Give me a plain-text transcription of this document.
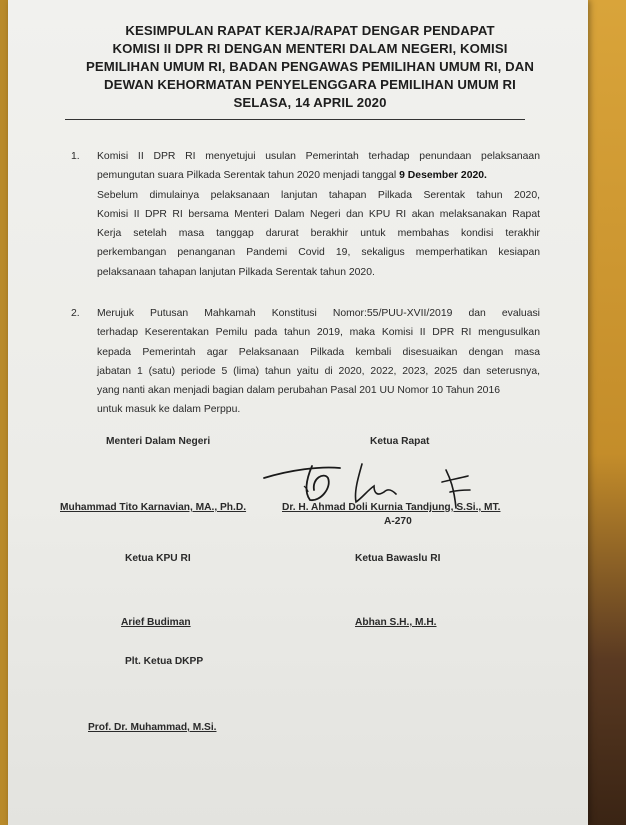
KESIMPULAN RAPAT KERJA/RAPAT DENGAR PENDAPAT
KOMISI II DPR RI DENGAN MENTERI DALAM NEGERI, KOMISI
PEMILIHAN UMUM RI, BADAN PENGAWAS PEMILIHAN UMUM RI, DAN
DEWAN KEHORMATAN PENYELENGGARA PEMILIHAN UMUM RI
SELASA, 14 APRIL 2020
1. Komisi II DPR RI menyetujui usulan Pemerintah terhadap penundaan pelaksanaan
pemungutan suara Pilkada Serentak tahun 2020 menjadi tanggal 9 Desember 2020.
Sebelum dimulainya pelaksanaan lanjutan tahapan Pilkada Serentak tahun 2020,
Komisi II DPR RI bersama Menteri Dalam Negeri dan KPU RI akan melaksanakan Rapat
Kerja setelah masa tanggap darurat berakhir untuk membahas kondisi terakhir
perkembangan penanganan Pandemi Covid 19, sekaligus memperhatikan kesiapan
pelaksanaan tahapan lanjutan Pilkada Serentak tahun 2020.
2. Merujuk Putusan Mahkamah Konstitusi Nomor:55/PUU-XVII/2019 dan evaluasi
terhadap Keserentakan Pemilu pada tahun 2019, maka Komisi II DPR RI mengusulkan
kepada Pemerintah agar Pelaksanaan Pilkada kembali disesuaikan dengan masa
jabatan 1 (satu) periode 5 (lima) tahun yaitu di 2020, 2022, 2023, 2025 dan seterusnya,
yang nanti akan menjadi bagian dalam perubahan Pasal 201 UU Nomor 10 Tahun 2016
untuk masuk ke dalam Perppu.
Menteri Dalam Negeri	Ketua Rapat
Muhammad Tito Karnavian, MA., Ph.D.	Dr. H. Ahmad Doli Kurnia Tandjung, S.Si., MT.
A-270
Ketua KPU RI	Ketua Bawaslu RI
Arief Budiman	Abhan S.H., M.H.
Plt. Ketua DKPP
Prof. Dr. Muhammad, M.Si.
